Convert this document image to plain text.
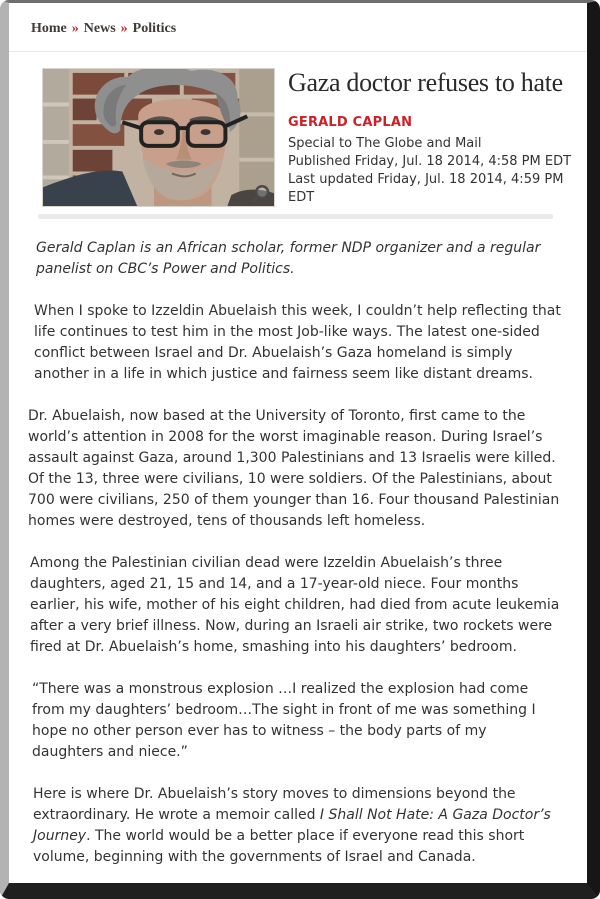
Home » News » Politics
Gaza doctor refuses to hate
GERALD CAPLAN
Special to The Globe and Mail
Published Friday, Jul. 18 2014, 4:58 PM EDT
Last updated Friday, Jul. 18 2014, 4:59 PM EDT

Gerald Caplan is an African scholar, former NDP organizer and a regular panelist on CBC’s Power and Politics.

When I spoke to Izzeldin Abuelaish this week, I couldn’t help reflecting that life continues to test him in the most Job-like ways. The latest one-sided conflict between Israel and Dr. Abuelaish’s Gaza homeland is simply another in a life in which justice and fairness seem like distant dreams.

Dr. Abuelaish, now based at the University of Toronto, first came to the world’s attention in 2008 for the worst imaginable reason. During Israel’s assault against Gaza, around 1,300 Palestinians and 13 Israelis were killed. Of the 13, three were civilians, 10 were soldiers. Of the Palestinians, about 700 were civilians, 250 of them younger than 16. Four thousand Palestinian homes were destroyed, tens of thousands left homeless.

Among the Palestinian civilian dead were Izzeldin Abuelaish’s three daughters, aged 21, 15 and 14, and a 17-year-old niece. Four months earlier, his wife, mother of his eight children, had died from acute leukemia after a very brief illness. Now, during an Israeli air strike, two rockets were fired at Dr. Abuelaish’s home, smashing into his daughters’ bedroom.

“There was a monstrous explosion …I realized the explosion had come from my daughters’ bedroom…The sight in front of me was something I hope no other person ever has to witness – the body parts of my daughters and niece.”

Here is where Dr. Abuelaish’s story moves to dimensions beyond the extraordinary. He wrote a memoir called I Shall Not Hate: A Gaza Doctor’s Journey. The world would be a better place if everyone read this short volume, beginning with the governments of Israel and Canada.
